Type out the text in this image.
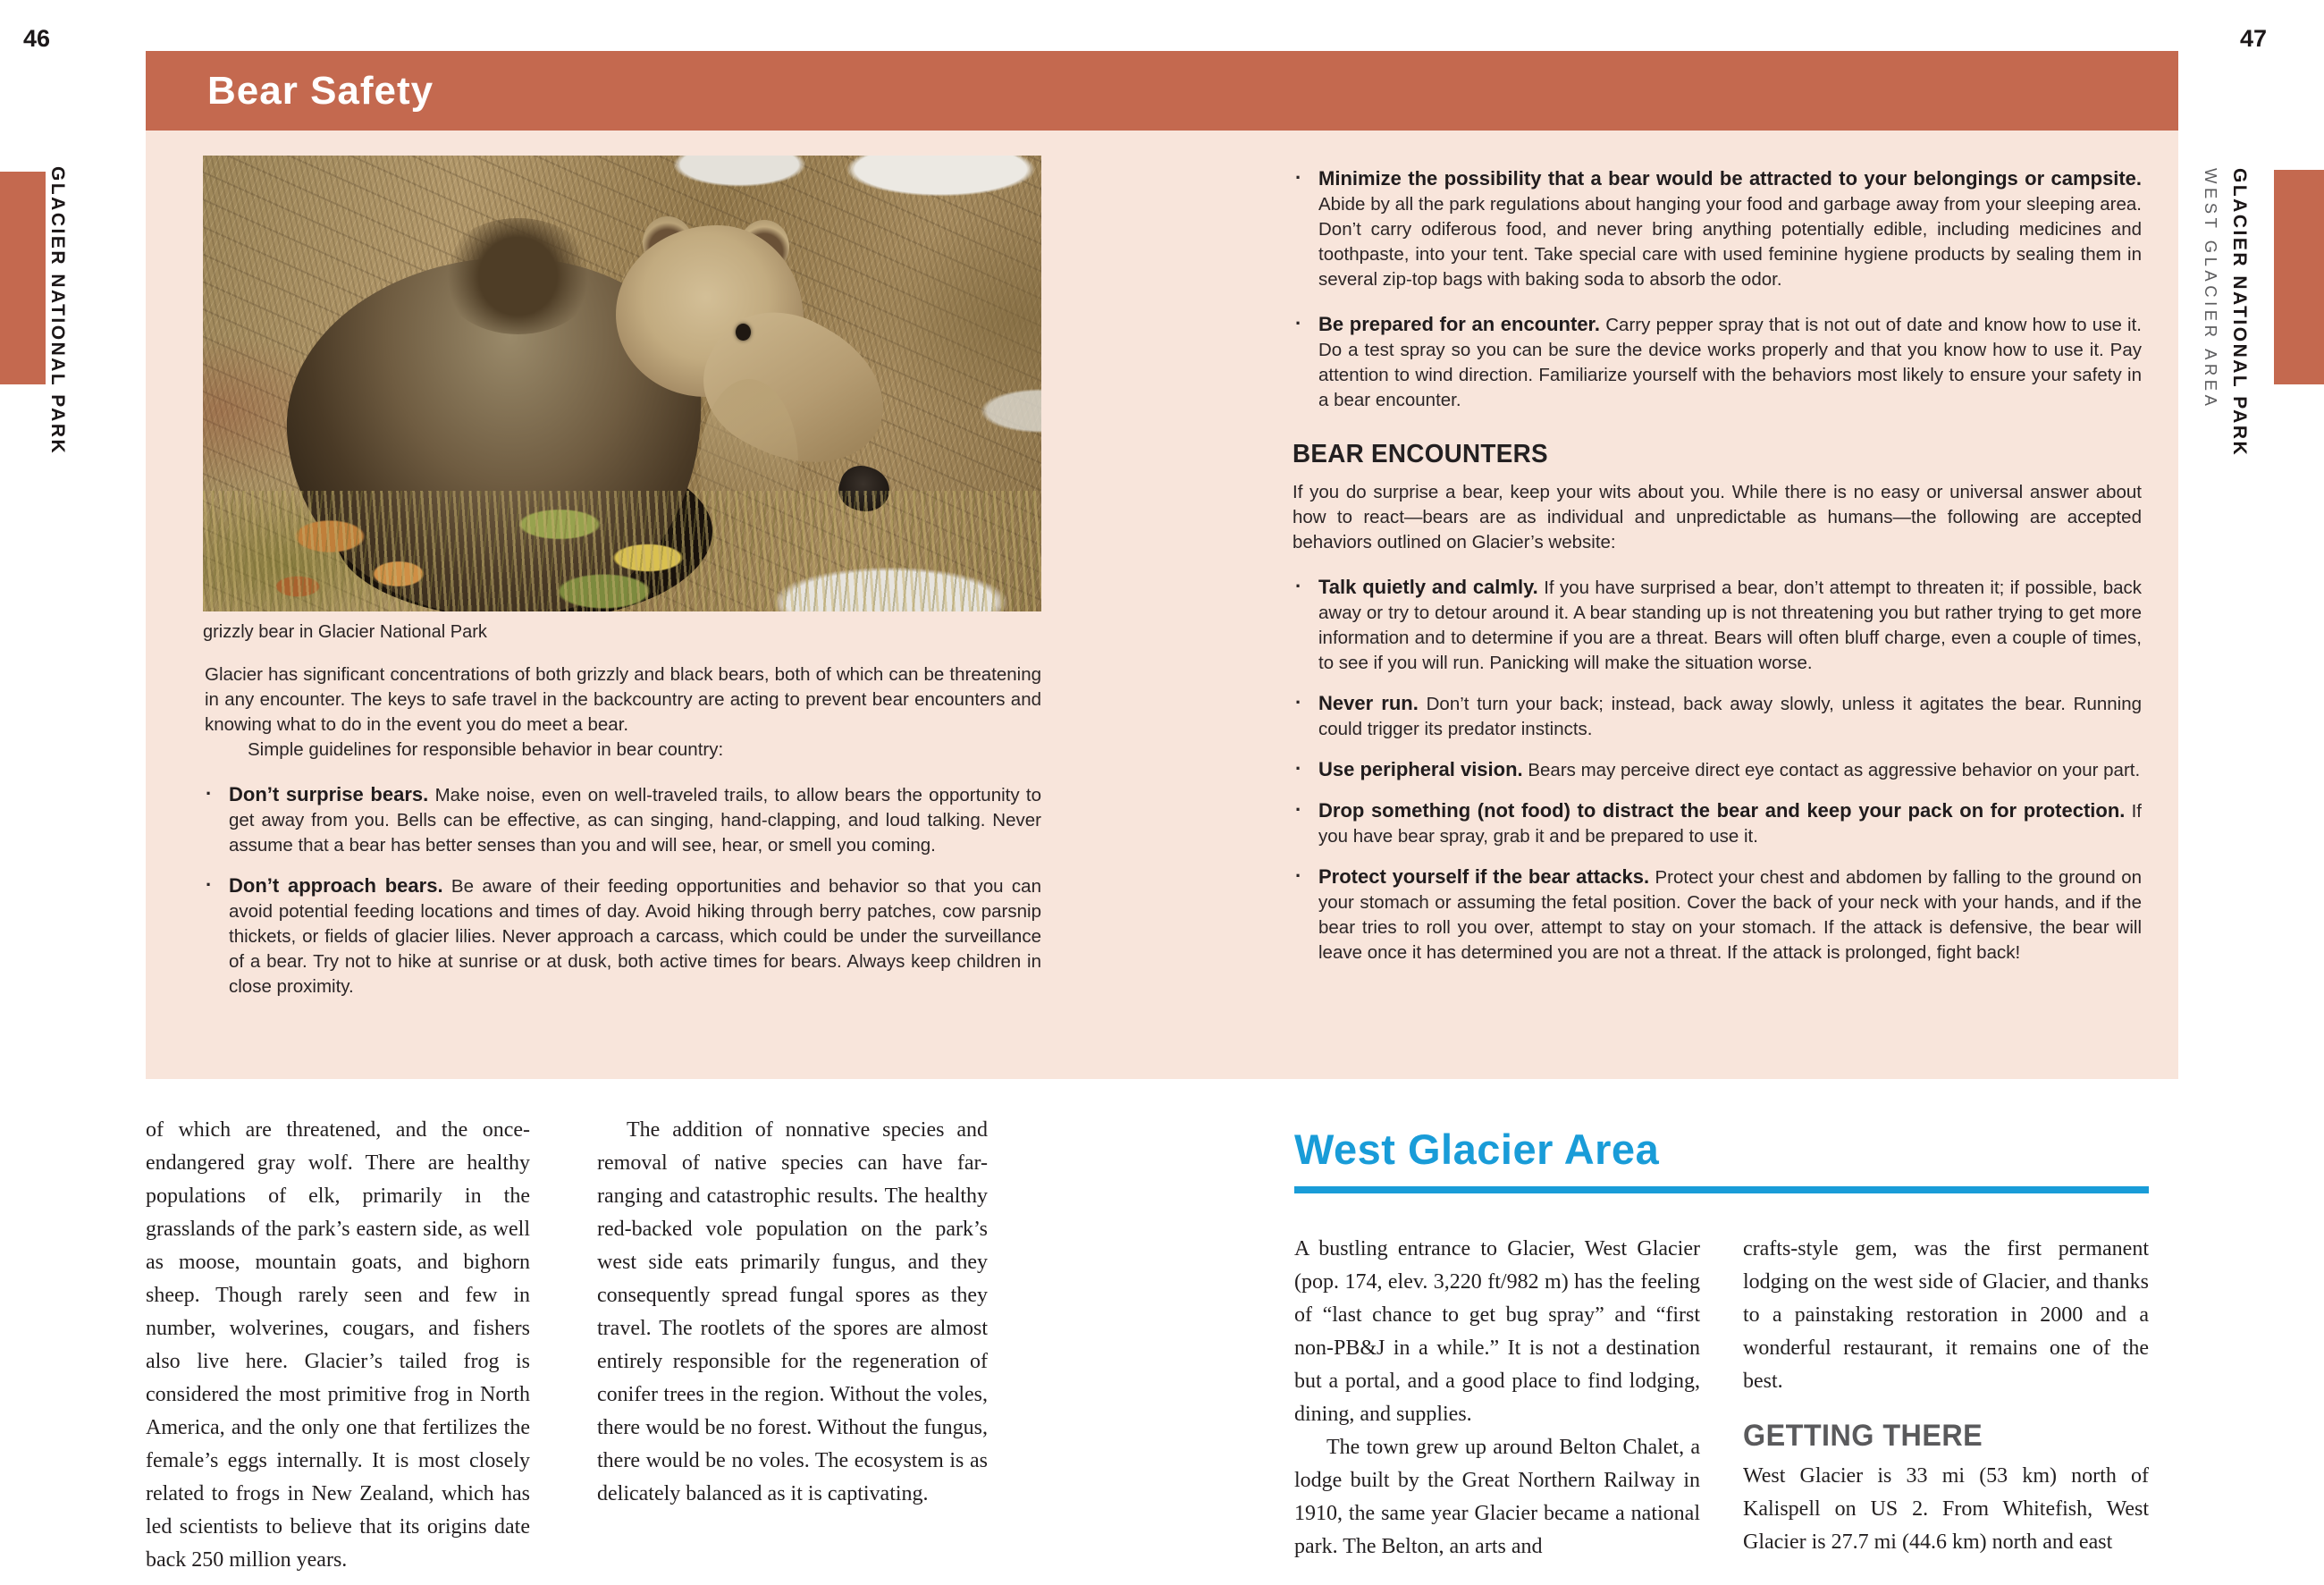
46	47
GLACIER NATIONAL PARK	GLACIER NATIONAL PARK
WEST GLACIER AREA
Bear Safety
grizzly bear in Glacier National Park

Glacier has significant concentrations of both grizzly and black bears, both of which can be threatening in any encounter. The keys to safe travel in the backcountry are acting to prevent bear encounters and knowing what to do in the event you do meet a bear.

Simple guidelines for responsible behavior in bear country:

· Don’t surprise bears. Make noise, even on well-traveled trails, to allow bears the opportunity to get away from you. Bells can be effective, as can singing, hand-clapping, and loud talking. Never assume that a bear has better senses than you and will see, hear, or smell you coming.
· Don’t approach bears. Be aware of their feeding opportunities and behavior so that you can avoid potential feeding locations and times of day. Avoid hiking through berry patches, cow parsnip thickets, or fields of glacier lilies. Never approach a carcass, which could be under the surveillance of a bear. Try not to hike at sunrise or at dusk, both active times for bears. Always keep children in close proximity.
· Minimize the possibility that a bear would be attracted to your belongings or campsite. Abide by all the park regulations about hanging your food and garbage away from your sleeping area. Don’t carry odiferous food, and never bring anything potentially edible, including medicines and toothpaste, into your tent. Take special care with used feminine hygiene products by sealing them in several zip-top bags with baking soda to absorb the odor.
· Be prepared for an encounter. Carry pepper spray that is not out of date and know how to use it. Do a test spray so you can be sure the device works properly and that you know how to use it. Pay attention to wind direction. Familiarize yourself with the behaviors most likely to ensure your safety in a bear encounter.
BEAR ENCOUNTERS

If you do surprise a bear, keep your wits about you. While there is no easy or universal answer about how to react—bears are as individual and unpredictable as humans—the following are accepted behaviors outlined on Glacier’s website:

· Talk quietly and calmly. If you have surprised a bear, don’t attempt to threaten it; if possible, back away or try to detour around it. A bear standing up is not threatening you but rather trying to get more information and to determine if you are a threat. Bears will often bluff charge, even a couple of times, to see if you will run. Panicking will make the situation worse.
· Never run. Don’t turn your back; instead, back away slowly, unless it agitates the bear. Running could trigger its predator instincts.
· Use peripheral vision. Bears may perceive direct eye contact as aggressive behavior on your part.
· Drop something (not food) to distract the bear and keep your pack on for protection. If you have bear spray, grab it and be prepared to use it.
· Protect yourself if the bear attacks. Protect your chest and abdomen by falling to the ground on your stomach or assuming the fetal position. Cover the back of your neck with your hands, and if the bear tries to roll you over, attempt to stay on your stomach. If the attack is defensive, the bear will leave once it has determined you are not a threat. If the attack is prolonged, fight back!

of which are threatened, and the once-endangered gray wolf. There are healthy populations of elk, primarily in the grasslands of the park’s eastern side, as well as moose, mountain goats, and bighorn sheep. Though rarely seen and few in number, wolverines, cougars, and fishers also live here. Glacier’s tailed frog is considered the most primitive frog in North America, and the only one that fertilizes the female’s eggs internally. It is most closely related to frogs in New Zealand, which has led scientists to believe that its origins date back 250 million years.

The addition of nonnative species and removal of native species can have far-ranging and catastrophic results. The healthy red-backed vole population on the park’s west side eats primarily fungus, and they consequently spread fungal spores as they travel. The rootlets of the spores are almost entirely responsible for the regeneration of conifer trees in the region. Without the voles, there would be no forest. Without the fungus, there would be no voles. The ecosystem is as delicately balanced as it is captivating.

West Glacier Area

A bustling entrance to Glacier, West Glacier (pop. 174, elev. 3,220 ft/982 m) has the feeling of “last chance to get bug spray” and “first non-PB&J in a while.” It is not a destination but a portal, and a good place to find lodging, dining, and supplies.

The town grew up around Belton Chalet, a lodge built by the Great Northern Railway in 1910, the same year Glacier became a national park. The Belton, an arts and

crafts-style gem, was the first permanent lodging on the west side of Glacier, and thanks to a painstaking restoration in 2000 and a wonderful restaurant, it remains one of the best.

GETTING THERE

West Glacier is 33 mi (53 km) north of Kalispell on US 2. From Whitefish, West Glacier is 27.7 mi (44.6 km) north and east
